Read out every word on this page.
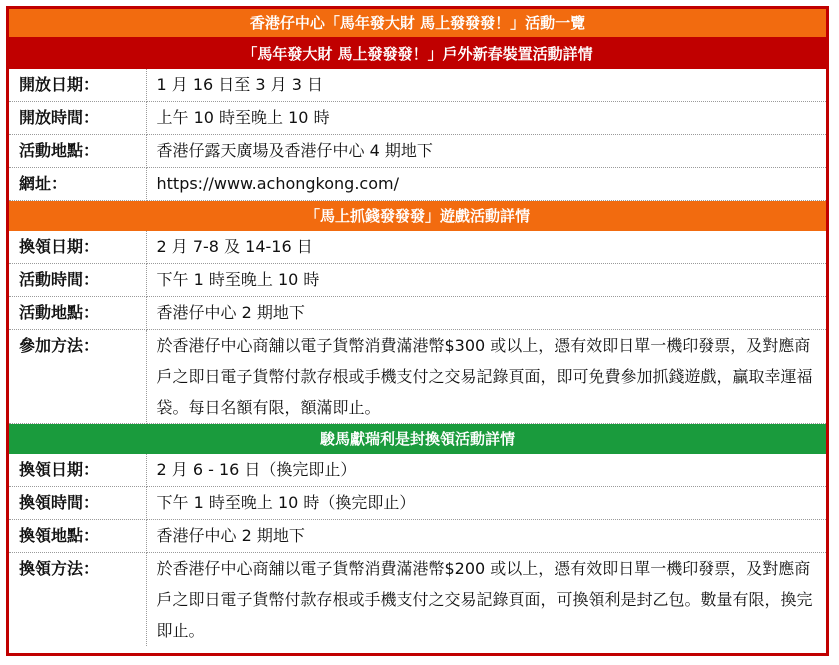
香港仔中心「馬年發大財 馬上發發發！」活動一覽	
「馬年發大財 馬上發發發！」戶外新春裝置活動詳情	
開放日期：	1 月 16 日至 3 月 3 日
開放時間：	上午 10 時至晚上 10 時
活動地點：	香港仔露天廣場及香港仔中心 4 期地下
網址：	https://www.achongkong.com/
「馬上抓錢發發發」遊戲活動詳情	
換領日期：	2 月 7-8 及 14-16 日
活動時間：	下午 1 時至晚上 10 時
活動地點：	香港仔中心 2 期地下
參加方法：	於香港仔中心商舖以電子貨幣消費滿港幣$300 或以上，憑有效即日單一機印發票，及對應商戶之即日電子貨幣付款存根或手機支付之交易記錄頁面，即可免費參加抓錢遊戲，贏取幸運福袋。每日名額有限，額滿即止。
駿馬獻瑞利是封換領活動詳情	
換領日期：	2 月 6 - 16 日（換完即止）
換領時間：	下午 1 時至晚上 10 時（換完即止）
換領地點：	香港仔中心 2 期地下
換領方法：	於香港仔中心商舖以電子貨幣消費滿港幣$200 或以上，憑有效即日單一機印發票，及對應商戶之即日電子貨幣付款存根或手機支付之交易記錄頁面，可換領利是封乙包。數量有限，換完即止。
